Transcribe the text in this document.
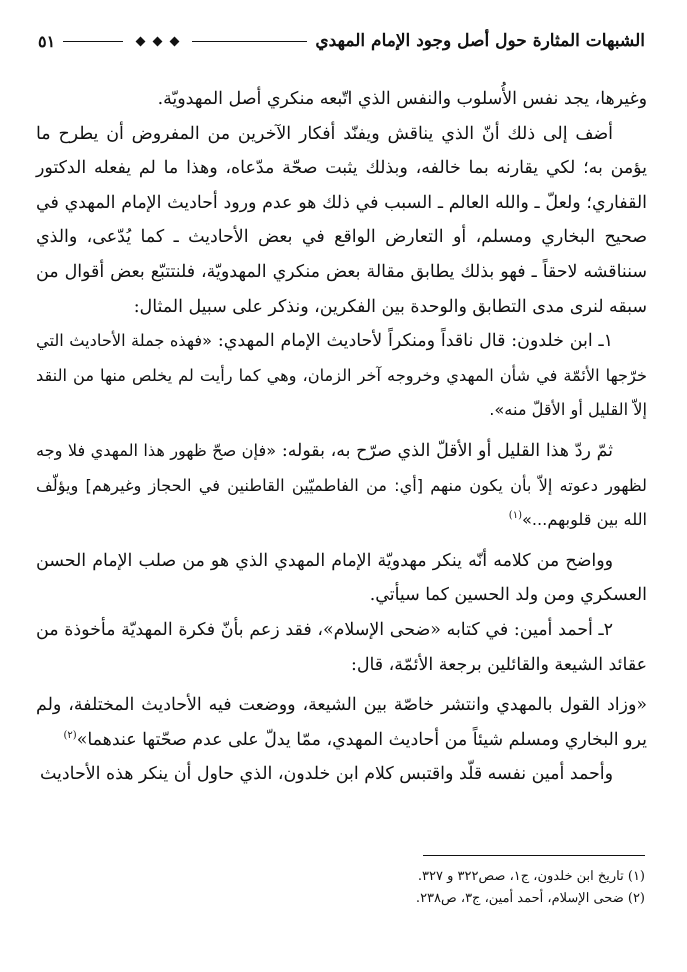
الشبهات المثارة حول أصل وجود الإمام المهدي
٥١

وغيرها، يجد نفس الأُسلوب والنفس الذي اتّبعه منكري أصل المهدويّة.

أضف إلى ذلك أنّ الذي يناقش ويفنّد أفكار الآخرين من المفروض أن يطرح ما يؤمن به؛ لكي يقارنه بما خالفه، وبذلك يثبت صحّة مدّعاه، وهذا ما لم يفعله الدكتور القفاري؛ ولعلّ ـ والله العالم ـ السبب في ذلك هو عدم ورود أحاديث الإمام المهدي في صحيح البخاري ومسلم، أو التعارض الواقع في بعض الأحاديث ـ كما يُدّعى، والذي سنناقشه لاحقاً ـ فهو بذلك يطابق مقالة بعض منكري المهدويّة، فلنتتبّع بعض أقوال من سبقه لنرى مدى التطابق والوحدة بين الفكرين، ونذكر على سبيل المثال:

١ـ ابن خلدون: قال ناقداً ومنكراً لأحاديث الإمام المهدي: «فهذه جملة الأحاديث التي خرّجها الأئمّة في شأن المهدي وخروجه آخر الزمان، وهي كما رأيت لم يخلص منها من النقد إلاّ القليل أو الأقلّ منه».

ثمّ ردّ هذا القليل أو الأقلّ الذي صرّح به، بقوله: «فإن صحّ ظهور هذا المهدي فلا وجه لظهور دعوته إلاّ بأن يكون منهم [أي: من الفاطميّين القاطنين في الحجاز وغيرهم] ويؤلّف الله بين قلوبهم...»$^{(١)}$

وواضح من كلامه أنّه ينكر مهدويّة الإمام المهدي الذي هو من صلب الإمام الحسن العسكري ومن ولد الحسين كما سيأتي.

٢ـ أحمد أمين: في كتابه «ضحى الإسلام»، فقد زعم بأنّ فكرة المهديّة مأخوذة من عقائد الشيعة والقائلين برجعة الأئمّة، قال:

«وزاد القول بالمهدي وانتشر خاصّة بين الشيعة، ووضعت فيه الأحاديث المختلفة، ولم يرو البخاري ومسلم شيئاً من أحاديث المهدي، ممّا يدلّ على عدم صحّتها عندهما»$^{(٢)}$

وأحمد أمين نفسه قلّد واقتبس كلام ابن خلدون، الذي حاول أن ينكر هذه الأحاديث

(١) تاريخ ابن خلدون، ج١، صص٣٢٢ و ٣٢٧.

(٢) ضحى الإسلام، أحمد أمين، ج٣، ص٢٣٨.
